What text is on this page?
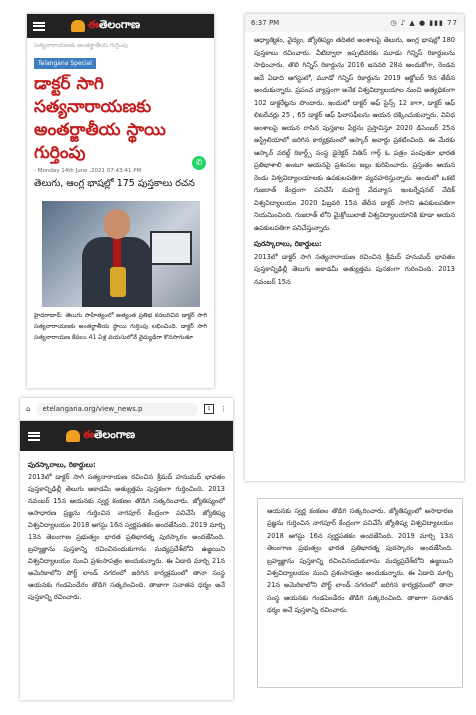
ఈతెలంగాణ
సత్యనారాయణకు అంతర్జాతీయ గుర్తింపు
Telangana Special
డాక్టర్ సాగి సత్యనారాయణకు అంతర్జాతీయ స్థాయి గుర్తింపు
- Monday 14th June ,2021 07:43:41 PM
తెలుగు, ఆంగ్ల భాషల్లో 175 పుస్తకాలు రచన
✆
హైదరాబాద్: తెలుగు సాహిత్యంలో అత్యంత ప్రతిభ కనబరిచిన డాక్టర్ సాగి సత్యనారాయణకు అంతర్జాతీయ స్థాయి గుర్తింపు లభించింది. డాక్టర్ సాగి సత్యనారాయణ కేవలం 41 ఏళ్ల వయసులోనే వైద్యుడిగా కొనసాగుతూ
6:37 PM	◷ ♪ ▲ ● ▮▮▮ 77
ఆధ్యాత్మికం, వైద్యం, జ్యోతిష్యం తదితర అంశాలపై తెలుగు, ఆంగ్ల భాషల్లో 180 పుస్తకాలు రచించారు. వీటిద్వారా ఇప్పటివరకు మూడు గిన్నిస్ రికార్డులను సాధించారు. తొలి గిన్నిస్ రికార్డును 2016 జనవరి 28న అందుకోగా, రెండవ అదే ఏడాది ఆగస్టులో, మూడో గిన్నిస్ రికార్డును 2019 ఆక్టోబర్ 9న తేదీన అందుకున్నారు. ప్రపంచ వ్యాప్తంగా అనేక విశ్వవిద్యాలయాల నుంచి అత్యధికంగా 102 డాక్టరేట్లను పొందారు. ఇందులో డాక్టర్ ఆఫ్ సైన్స్ 12 కాగా, డాక్టర్ ఆఫ్ లిటరేచర్లు 25 , 65 డాక్టర్ ఆఫ్ ఫిలాసఫీలను ఆయన దక్కించుకున్నారు. వివిధ అంశాలపై ఆయన రాసిన పుస్తకాల పేర్లను ప్రస్తావిస్తూ 2020 డిసెంబర్ 25న అస్ట్రేలియాలో జరిగిన కార్యక్రమంలో ఆస్కార్ అవార్డు ప్రకటించింది. ఈ మేరకు ఆస్కార్ వరల్డ్ రికార్డ్స్ సంస్థ డైరెక్టర్ నితిన్ గార్గ్ ఓ పత్రం పంపుతూ భారత ప్రతిభాశాలి అంటూ ఆయనపై ప్రశంసల జల్లు కురిపించారు. ప్రస్తుతం ఆయన రెండు విశ్వవిద్యాలయాలకు ఉపకులపతిగా వ్యవహరిస్తున్నారు. అందులో ఒకటి గుజరాత్ కేంద్రంగా పనిచేసే మహర్షి వేదవ్యాస ఇంటర్నేషనల్ వేదిక్ విశ్వవిద్యాలయం 2020 ఫిబ్రవరి 15న తేదీన డాక్టర్ సాగిని ఉపకులపతిగా నియమించింది. గుజరాత్ లోని మైక్రోయిలాజీ విశ్వవిద్యాలయానికి కూడా ఆయన ఉపకులపతిగా పనిచేస్తున్నారు.
పురస్కారాలు, రికార్డులు:
2013లో డాక్టర్ సాగి సత్యనారాయణ రచించిన శ్రీమద్ హనుమద్ భావతం పుస్తకాన్నిఢిల్లీ తెలుగు అకాడమీ అత్యుత్తమ పుసకంగా గురించింది. 2013 నవంబర్ 15న
⌂	etelangana.org/view_news.p	1	⋮
ఈతెలంగాణ
పురస్కారాలు, రికార్డులు:
2013లో డాక్టర్ సాగి సత్యనారాయణ రచించిన శ్రీమద్ హనుమద్ భావతం పుస్తకాన్నిఢిల్లీ తెలుగు అకాడమీ అత్యుత్తమ పుస్తకంగా గుర్తించింది. 2013 నవంబర్ 15న ఆయనకు స్వర్ణ కంకణం తొడిగి సత్కరించారు. జ్యోతిష్యంలో అసాధారణ ప్రజ్ఞను గుర్తించిన నాగపూర్ కేంద్రంగా పనిచేసే జ్యోతిష్య విశ్వవిద్యాలయం 2018 ఆగస్టు 16న స్వర్ణపతకం అందజేసింది. 2019 మార్చి 13న తెలంగాణ ప్రభుత్వం భారత ప్రతిభారత్న పురస్కారం అందజేసింది. బ్రహ్మజ్ఞాను పుస్తకాన్ని రచించినందుకుగాను మద్యప్రదేశ్‌లోని ఉజ్జయిని విశ్వవిద్యాలయం నుంచి ప్రశంసాపత్రం అందుకున్నారు. ఈ ఏడాది మార్చి 21న అమెరికాలోని పోర్ట్ లాండ్ నగరంలో జరిగిన కార్యక్రమంలో తానా సంస్థ ఆయనకు గండపెండేరం తొడిగి సత్కరించింది. తాజాగా సనాతన ధర్మం అనే పుస్తకాన్ని రచించారు.
ఆయనకు స్వర్ణ కంకణం తొడిగి సత్కరించారు. జ్యోతిష్యంలో అసాధారణ ప్రజ్ఞను గుర్తించిన నాగపూర్ కేంద్రంగా పనిచేసే జ్యోతిష్య విశ్వవిద్యాలయం 2018 ఆగస్టు 16న స్వర్ణపతకం అందజేసింది. 2019 మార్చి 13న తెలంగాణ ప్రభుత్వం భారత ప్రతిభారత్న పురస్కారం అందజేసింది. బ్రహ్మజ్ఞాను పుస్తకాన్ని రచించినందుకుగాను మద్యప్రదేశ్‌లోని ఉజ్జయిని విశ్వవిద్యాలయం నుంచి ప్రశంసాపత్రం అందుకున్నారు. ఈ ఏడాది మార్చి 21న అమెరికాలోని పోర్ట్ లాండ్ నగరంలో జరిగిన కార్యక్రమంలో తానా సంస్థ ఆయనకు గండపెండేరం తొడిగి సత్కరించింది. తాజాగా సనాతన ధర్మం అనే పుస్తకాన్ని రచించారు.
